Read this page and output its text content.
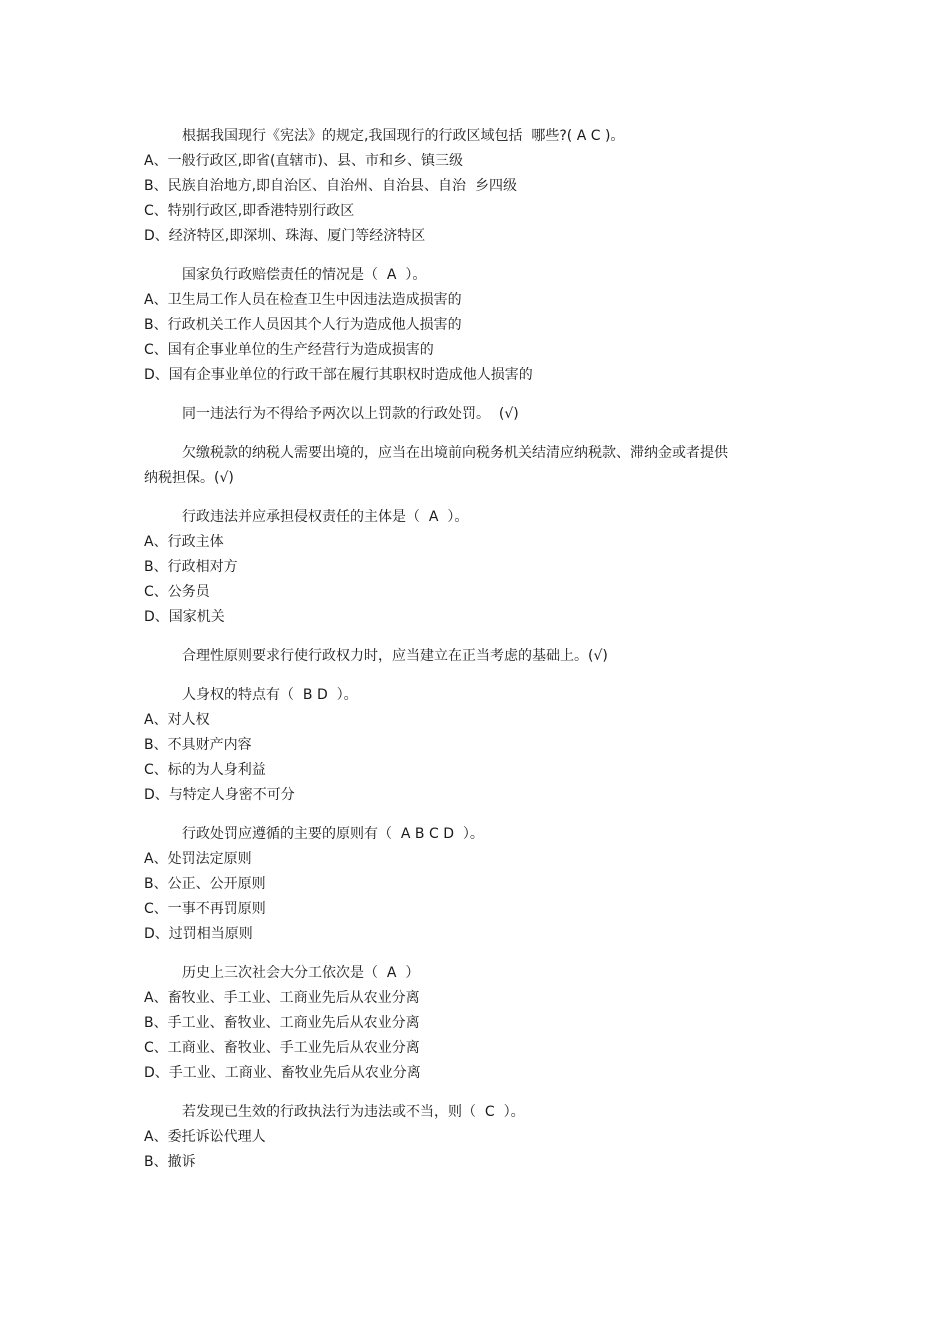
根据我国现行《宪法》的规定,我国现行的行政区域包括  哪些?( A C )。
A、一般行政区,即省(直辖市)、县、市和乡、镇三级
B、民族自治地方,即自治区、自治州、自治县、自治  乡四级
C、特别行政区,即香港特别行政区
D、经济特区,即深圳、珠海、厦门等经济特区
国家负行政赔偿责任的情况是（  A  ）。
A、卫生局工作人员在检查卫生中因违法造成损害的
B、行政机关工作人员因其个人行为造成他人损害的
C、国有企事业单位的生产经营行为造成损害的
D、国有企事业单位的行政干部在履行其职权时造成他人损害的
同一违法行为不得给予两次以上罚款的行政处罚。  (√)
欠缴税款的纳税人需要出境的，应当在出境前向税务机关结清应纳税款、滞纳金或者提供
纳税担保。(√)
行政违法并应承担侵权责任的主体是（  A  ）。
A、行政主体
B、行政相对方
C、公务员
D、国家机关
合理性原则要求行使行政权力时，应当建立在正当考虑的基础上。(√)
人身权的特点有（  B D  ）。
A、对人权
B、不具财产内容
C、标的为人身利益
D、与特定人身密不可分
行政处罚应遵循的主要的原则有（  A B C D  ）。
A、处罚法定原则
B、公正、公开原则
C、一事不再罚原则
D、过罚相当原则
历史上三次社会大分工依次是（  A  ）
A、畜牧业、手工业、工商业先后从农业分离
B、手工业、畜牧业、工商业先后从农业分离
C、工商业、畜牧业、手工业先后从农业分离
D、手工业、工商业、畜牧业先后从农业分离
若发现已生效的行政执法行为违法或不当，则（  C  ）。
A、委托诉讼代理人
B、撤诉
